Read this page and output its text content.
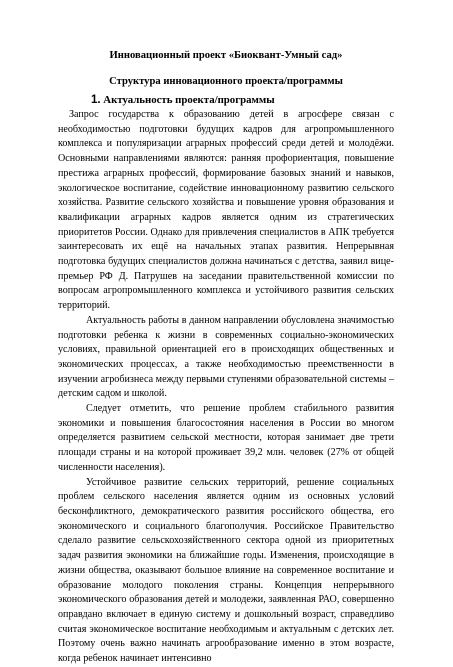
Инновационный проект «Биоквант-Умный сад»

Структура инновационного проекта/программы

1. Актуальность проекта/программы

Запрос государства к образованию детей в агросфере связан с необходимостью подготовки будущих кадров для агропромышленного комплекса и популяризации аграрных профессий среди детей и молодёжи. Основными направлениями являются: ранняя профориентация, повышение престижа аграрных профессий, формирование базовых знаний и навыков, экологическое воспитание, содействие инновационному развитию сельского хозяйства. Развитие сельского хозяйства и повышение уровня образования и квалификации аграрных кадров является одним из стратегических приоритетов России. Однако для привлечения специалистов в АПК требуется заинтересовать их ещё на начальных этапах развития. Непрерывная подготовка будущих специалистов должна начинаться с детства, заявил вице-премьер РФ Д. Патрушев на заседании правительственной комиссии по вопросам агропромышленного комплекса и устойчивого развития сельских территорий.

Актуальность работы в данном направлении обусловлена значимостью подготовки ребенка к жизни в современных социально-экономических условиях, правильной ориентацией его в происходящих общественных и экономических процессах, а также необходимостью преемственности в изучении агробизнеса между первыми ступенями образовательной системы – детским садом и школой.

Следует отметить, что решение проблем стабильного развития экономики и повышения благосостояния населения в России во многом определяется развитием сельской местности, которая занимает две трети площади страны и на которой проживает 39,2 млн. человек (27% от общей численности населения).

Устойчивое развитие сельских территорий, решение социальных проблем сельского населения является одним из основных условий бесконфликтного, демократического развития российского общества, его экономического и социального благополучия. Российское Правительство сделало развитие сельскохозяйственного сектора одной из приоритетных задач развития экономики на ближайшие годы. Изменения, происходящие в жизни общества, оказывают большое влияние на современное воспитание и образование молодого поколения страны. Концепция непрерывного экономического образования детей и молодежи, заявленная РАО, совершенно оправдано включает в единую систему и дошкольный возраст, справедливо считая экономическое воспитание необходимым и актуальным с детских лет. Поэтому очень важно начинать агрообразование именно в этом возрасте, когда ребенок начинает интенсивно
